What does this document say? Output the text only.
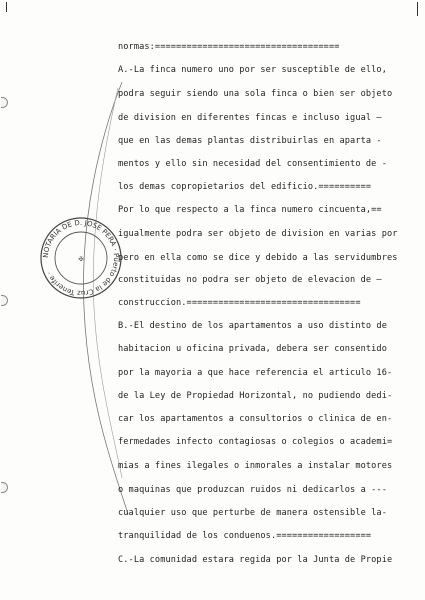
NOTARIA DE D. JOSE PERA · Puerto de la Cruz Tenerife ·
✠
normas:===================================
A.-La finca numero uno por ser susceptible de ello,
podra seguir siendo una sola finca o bien ser objeto
de division en diferentes fincas e incluso igual —
que en las demas plantas distribuirlas en aparta -
mentos y ello sin necesidad del consentimiento de -
los demas copropietarios del edificio.==========
Por lo que respecto a la finca numero cincuenta,==
igualmente podra ser objeto de division en varias por
pero en ella como se dice y debido a las servidumbres
constituidas no podra ser objeto de elevacion de —
construccion.=================================
B.-El destino de los apartamentos a uso distinto de
habitacion u oficina privada, debera ser consentido
por la mayoria a que hace referencia el articulo 16-
de la Ley de Propiedad Horizontal, no pudiendo dedi-
car los apartamentos a consultorios o clinica de en-
fermedades infecto contagiosas o colegios o academi=
mias a fines ilegales o inmorales a instalar motores
o maquinas que produzcan ruidos ni dedicarlos a ---
cualquier uso que perturbe de manera ostensible la-
tranquilidad de los conduenos.==================
C.-La comunidad estara regida por la Junta de Propie
